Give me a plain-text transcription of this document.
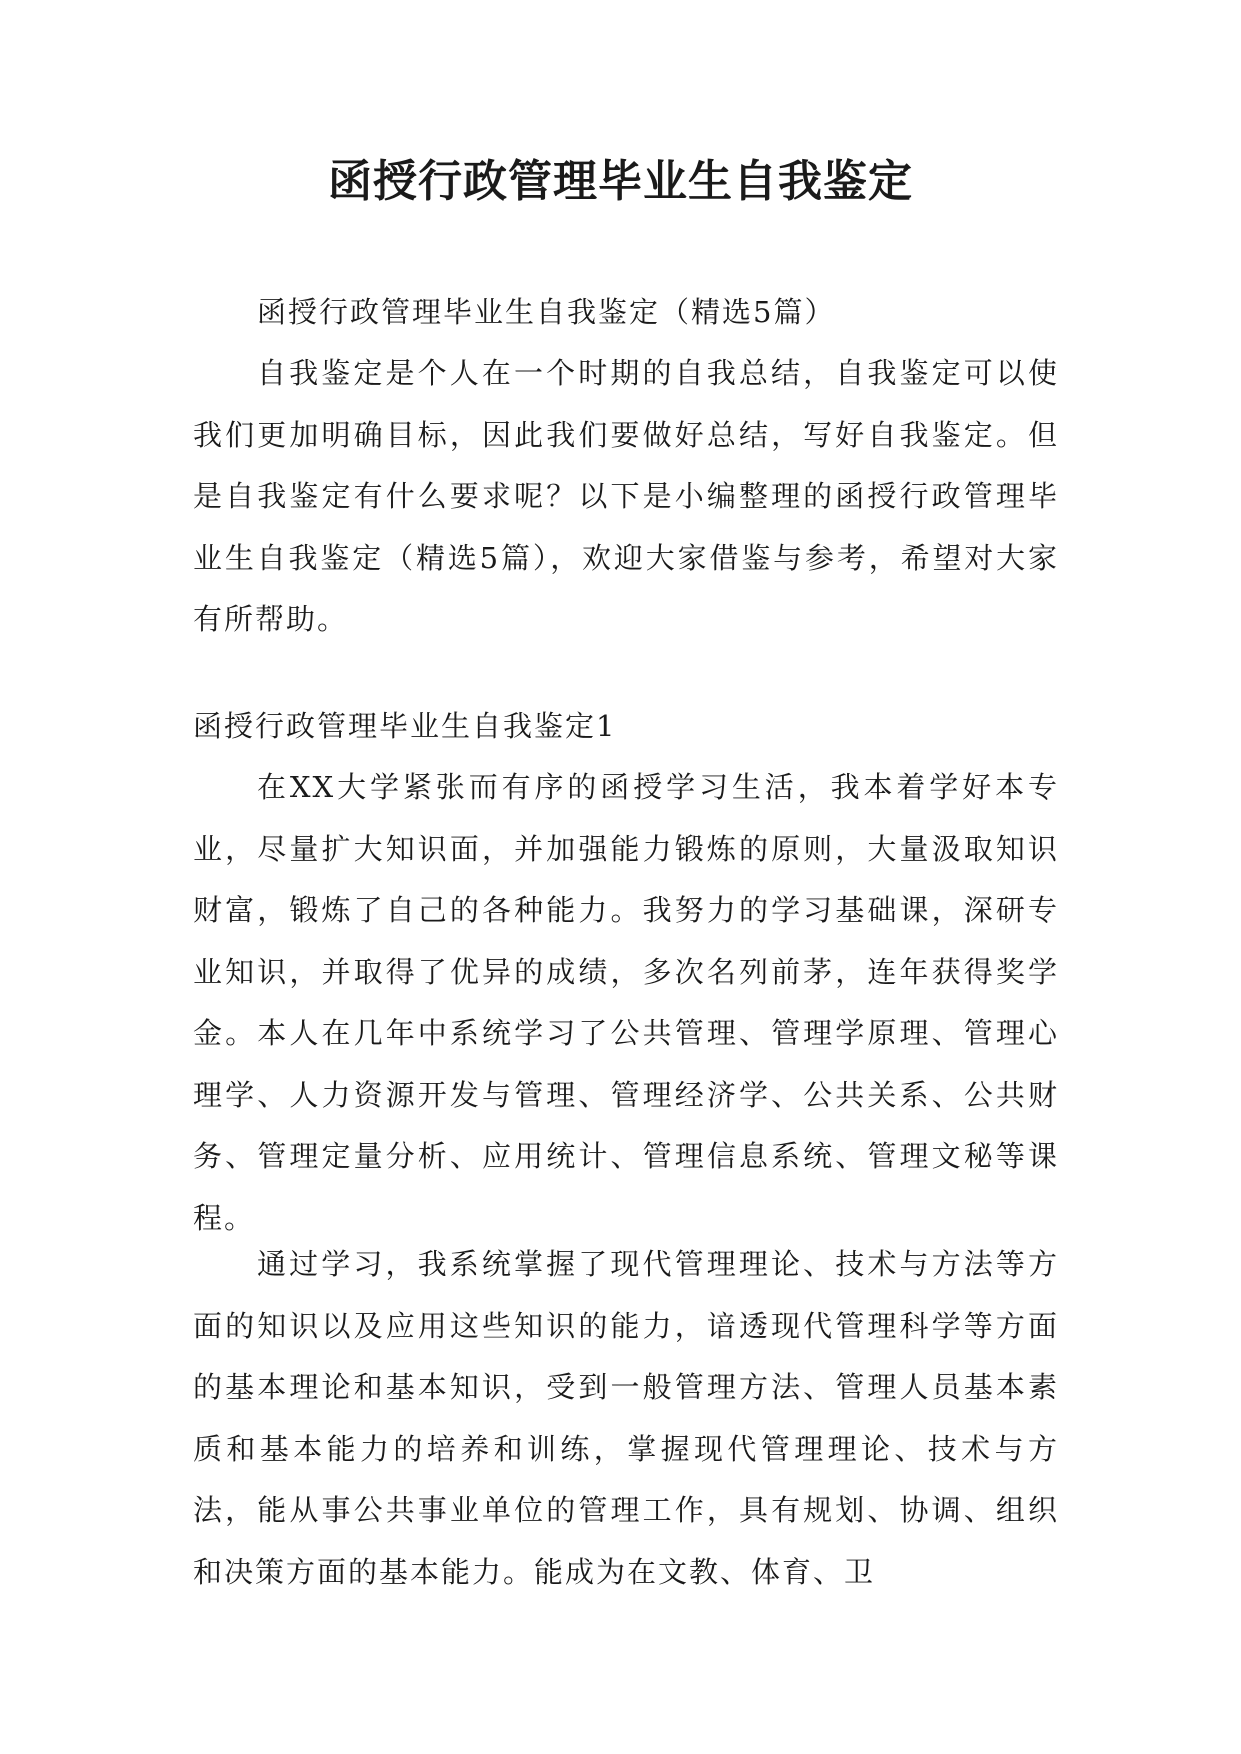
函授行政管理毕业生自我鉴定

函授行政管理毕业生自我鉴定（精选5篇）

自我鉴定是个人在一个时期的自我总结，自我鉴定可以使我们更加明确目标，因此我们要做好总结，写好自我鉴定。但是自我鉴定有什么要求呢？以下是小编整理的函授行政管理毕业生自我鉴定（精选5篇），欢迎大家借鉴与参考，希望对大家有所帮助。

函授行政管理毕业生自我鉴定1

在XX大学紧张而有序的函授学习生活，我本着学好本专业，尽量扩大知识面，并加强能力锻炼的原则，大量汲取知识财富，锻炼了自己的各种能力。我努力的学习基础课，深研专业知识，并取得了优异的成绩，多次名列前茅，连年获得奖学金。本人在几年中系统学习了公共管理、管理学原理、管理心理学、人力资源开发与管理、管理经济学、公共关系、公共财务、管理定量分析、应用统计、管理信息系统、管理文秘等课程。

通过学习，我系统掌握了现代管理理论、技术与方法等方面的知识以及应用这些知识的能力，谙透现代管理科学等方面的基本理论和基本知识，受到一般管理方法、管理人员基本素质和基本能力的培养和训练，掌握现代管理理论、技术与方法，能从事公共事业单位的管理工作，具有规划、协调、组织和决策方面的基本能力。能成为在文教、体育、卫
